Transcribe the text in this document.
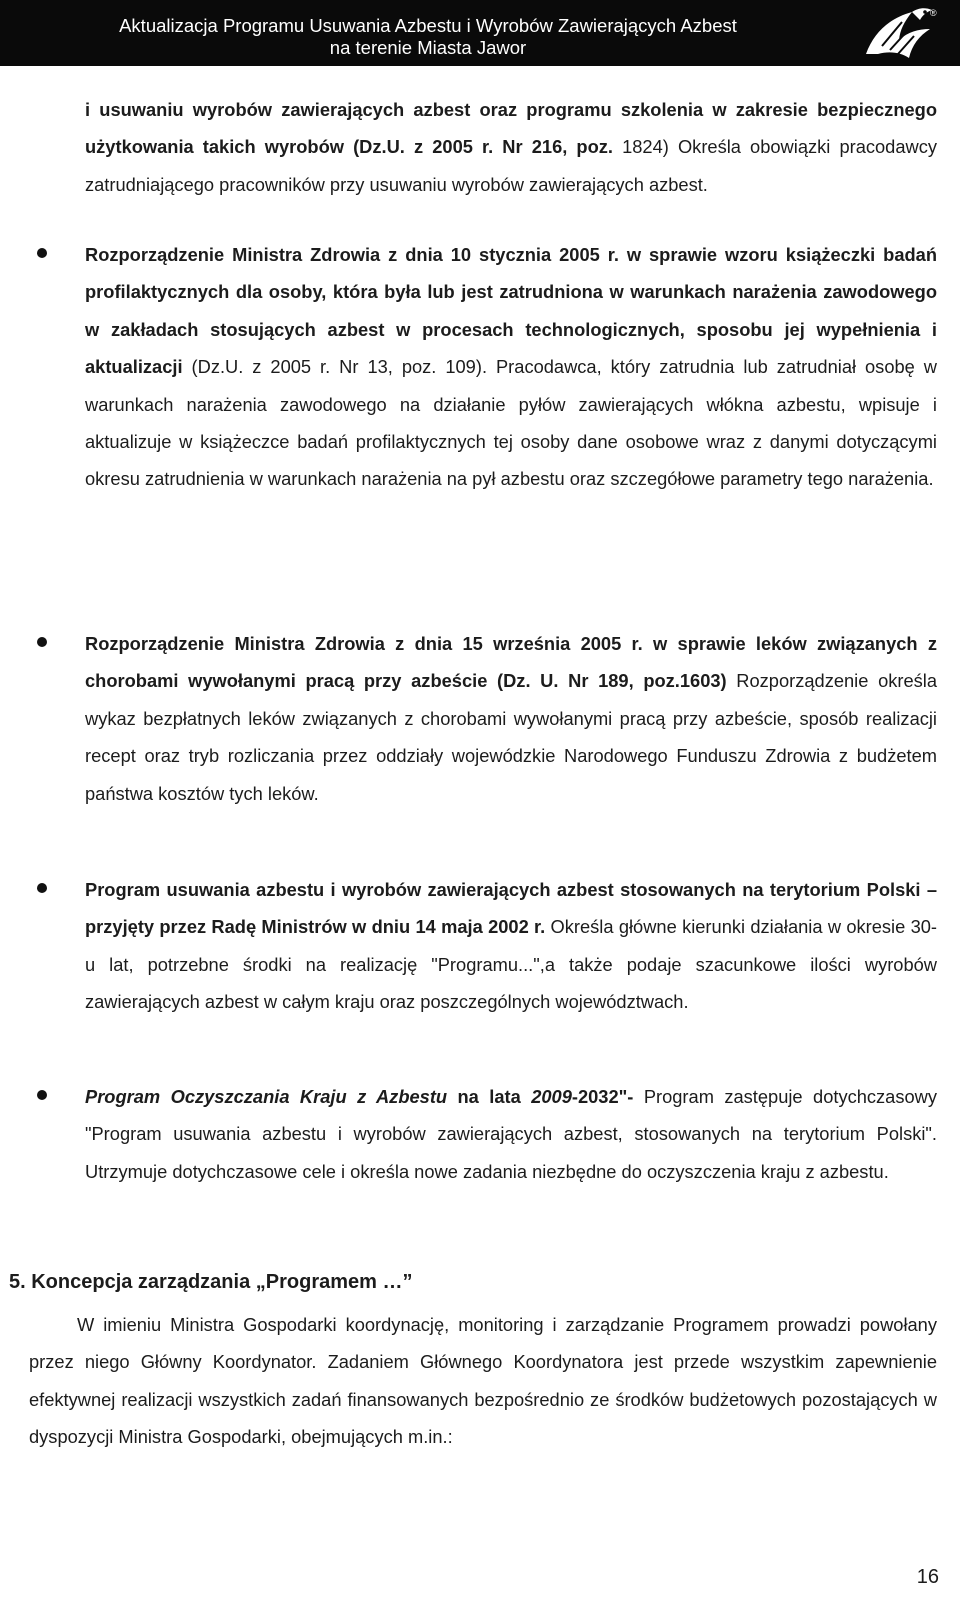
Aktualizacja Programu Usuwania Azbestu i Wyrobów Zawierających Azbest
na terenie Miasta Jawor
®

i usuwaniu wyrobów zawierających azbest oraz programu szkolenia w zakresie bezpiecznego użytkowania takich wyrobów (Dz.U. z 2005 r. Nr 216, poz. 1824) Określa obowiązki pracodawcy zatrudniającego pracowników przy usuwaniu wyrobów zawierających azbest.

Rozporządzenie Ministra Zdrowia z dnia 10 stycznia 2005 r. w sprawie wzoru książeczki badań profilaktycznych dla osoby, która była lub jest zatrudniona w warunkach narażenia zawodowego w zakładach stosujących azbest w procesach technologicznych, sposobu jej wypełnienia i aktualizacji (Dz.U. z 2005 r. Nr 13, poz. 109). Pracodawca, który zatrudnia lub zatrudniał osobę w warunkach narażenia zawodowego na działanie pyłów zawierających włókna azbestu, wpisuje i aktualizuje w książeczce badań profilaktycznych tej osoby dane osobowe wraz z danymi dotyczącymi okresu zatrudnienia w warunkach narażenia na pył azbestu oraz szczegółowe parametry tego narażenia.

Rozporządzenie Ministra Zdrowia z dnia 15 września 2005 r. w sprawie leków związanych z chorobami wywołanymi pracą przy azbeście (Dz. U. Nr 189, poz.1603) Rozporządzenie określa wykaz bezpłatnych leków związanych z chorobami wywołanymi pracą przy azbeście, sposób realizacji recept oraz tryb rozliczania przez oddziały wojewódzkie Narodowego Funduszu Zdrowia z budżetem państwa kosztów tych leków.

Program usuwania azbestu i wyrobów zawierających azbest stosowanych na terytorium Polski – przyjęty przez Radę Ministrów w dniu 14 maja 2002 r. Określa główne kierunki działania w okresie 30-u lat, potrzebne środki na realizację "Programu...",a także podaje szacunkowe ilości wyrobów zawierających azbest w całym kraju oraz poszczególnych województwach.

Program Oczyszczania Kraju z Azbestu na lata 2009-2032"- Program zastępuje dotychczasowy "Program usuwania azbestu i wyrobów zawierających azbest, stosowanych na terytorium Polski". Utrzymuje dotychczasowe cele i określa nowe zadania niezbędne do oczyszczenia kraju z azbestu.

5. Koncepcja zarządzania „Programem …”

W imieniu Ministra Gospodarki koordynację, monitoring i zarządzanie Programem prowadzi powołany przez niego Główny Koordynator. Zadaniem Głównego Koordynatora jest przede wszystkim zapewnienie efektywnej realizacji wszystkich zadań finansowanych bezpośrednio ze środków budżetowych pozostających w dyspozycji Ministra Gospodarki, obejmujących m.in.:

16
